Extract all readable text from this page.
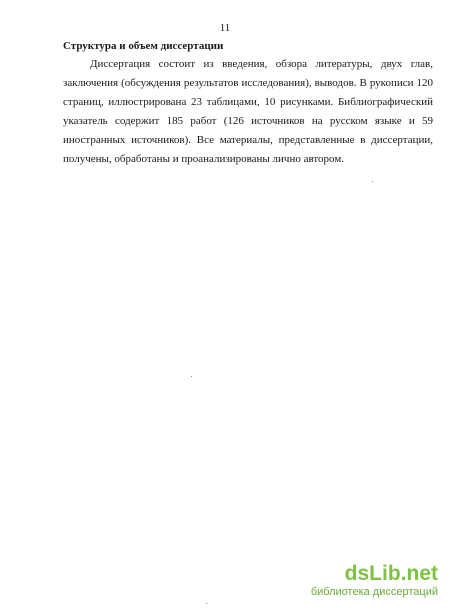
11
Структура и объем диссертации
Диссертация состоит из введения, обзора литературы, двух глав,
заключения (обсуждения результатов исследования), выводов. В рукописи 120
страниц, иллюстрирована 23 таблицами, 10 рисунками. Библиографический
указатель содержит 185 работ (126 источников на русском языке и 59
иностранных источников). Все материалы, представленные в диссертации,
получены, обработаны и проанализированы лично автором.
dsLib.net
библиотека диссертаций
